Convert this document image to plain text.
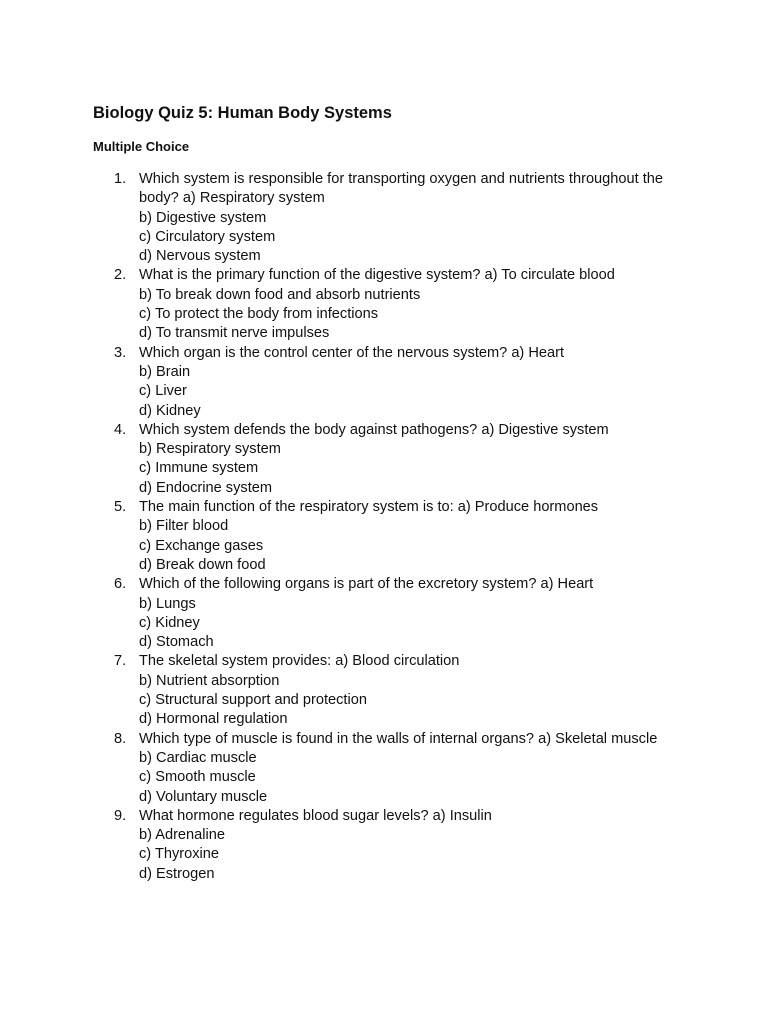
Biology Quiz 5: Human Body Systems
Multiple Choice
1. Which system is responsible for transporting oxygen and nutrients throughout the body? a) Respiratory system
b) Digestive system
c) Circulatory system
d) Nervous system
2. What is the primary function of the digestive system? a) To circulate blood
b) To break down food and absorb nutrients
c) To protect the body from infections
d) To transmit nerve impulses
3. Which organ is the control center of the nervous system? a) Heart
b) Brain
c) Liver
d) Kidney
4. Which system defends the body against pathogens? a) Digestive system
b) Respiratory system
c) Immune system
d) Endocrine system
5. The main function of the respiratory system is to: a) Produce hormones
b) Filter blood
c) Exchange gases
d) Break down food
6. Which of the following organs is part of the excretory system? a) Heart
b) Lungs
c) Kidney
d) Stomach
7. The skeletal system provides: a) Blood circulation
b) Nutrient absorption
c) Structural support and protection
d) Hormonal regulation
8. Which type of muscle is found in the walls of internal organs? a) Skeletal muscle
b) Cardiac muscle
c) Smooth muscle
d) Voluntary muscle
9. What hormone regulates blood sugar levels? a) Insulin
b) Adrenaline
c) Thyroxine
d) Estrogen
